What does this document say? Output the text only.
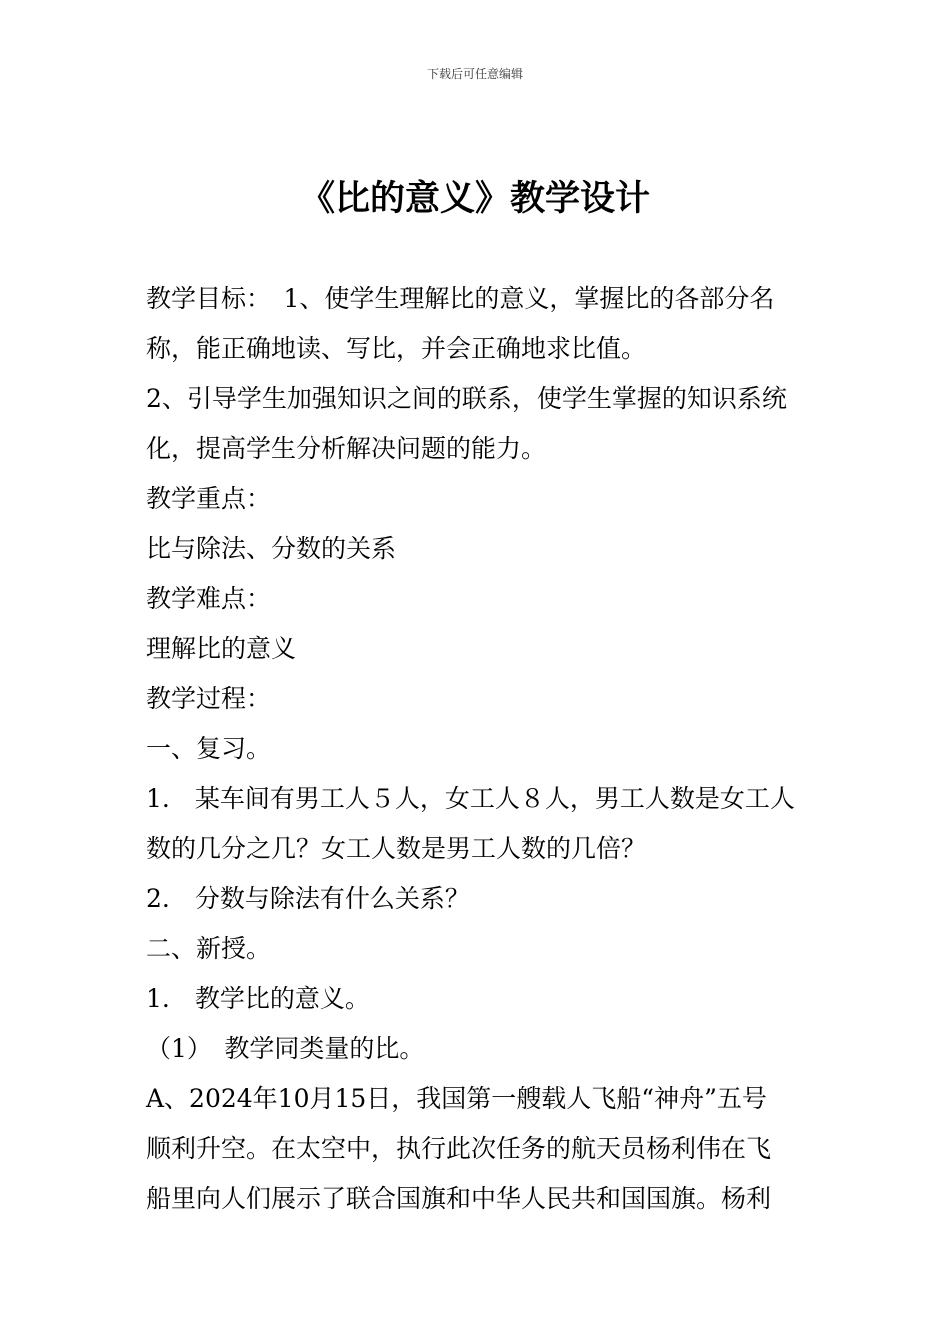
下载后可任意编辑
《比的意义》教学设计

教学目标：　1、使学生理解比的意义，掌握比的各部分名

称，能正确地读、写比，并会正确地求比值。

2、引导学生加强知识之间的联系，使学生掌握的知识系统

化，提高学生分析解决问题的能力。

教学重点：

比与除法、分数的关系

教学难点：

理解比的意义

教学过程：

一、复习。

1.　某车间有男工人５人，女工人８人，男工人数是女工人

数的几分之几？女工人数是男工人数的几倍？

2.　分数与除法有什么关系？

二、新授。

1.　教学比的意义。

（1）　教学同类量的比。

A、2024年10月15日，我国第一艘载人飞船“神舟”五号

顺利升空。在太空中，执行此次任务的航天员杨利伟在飞

船里向人们展示了联合国旗和中华人民共和国国旗。杨利
